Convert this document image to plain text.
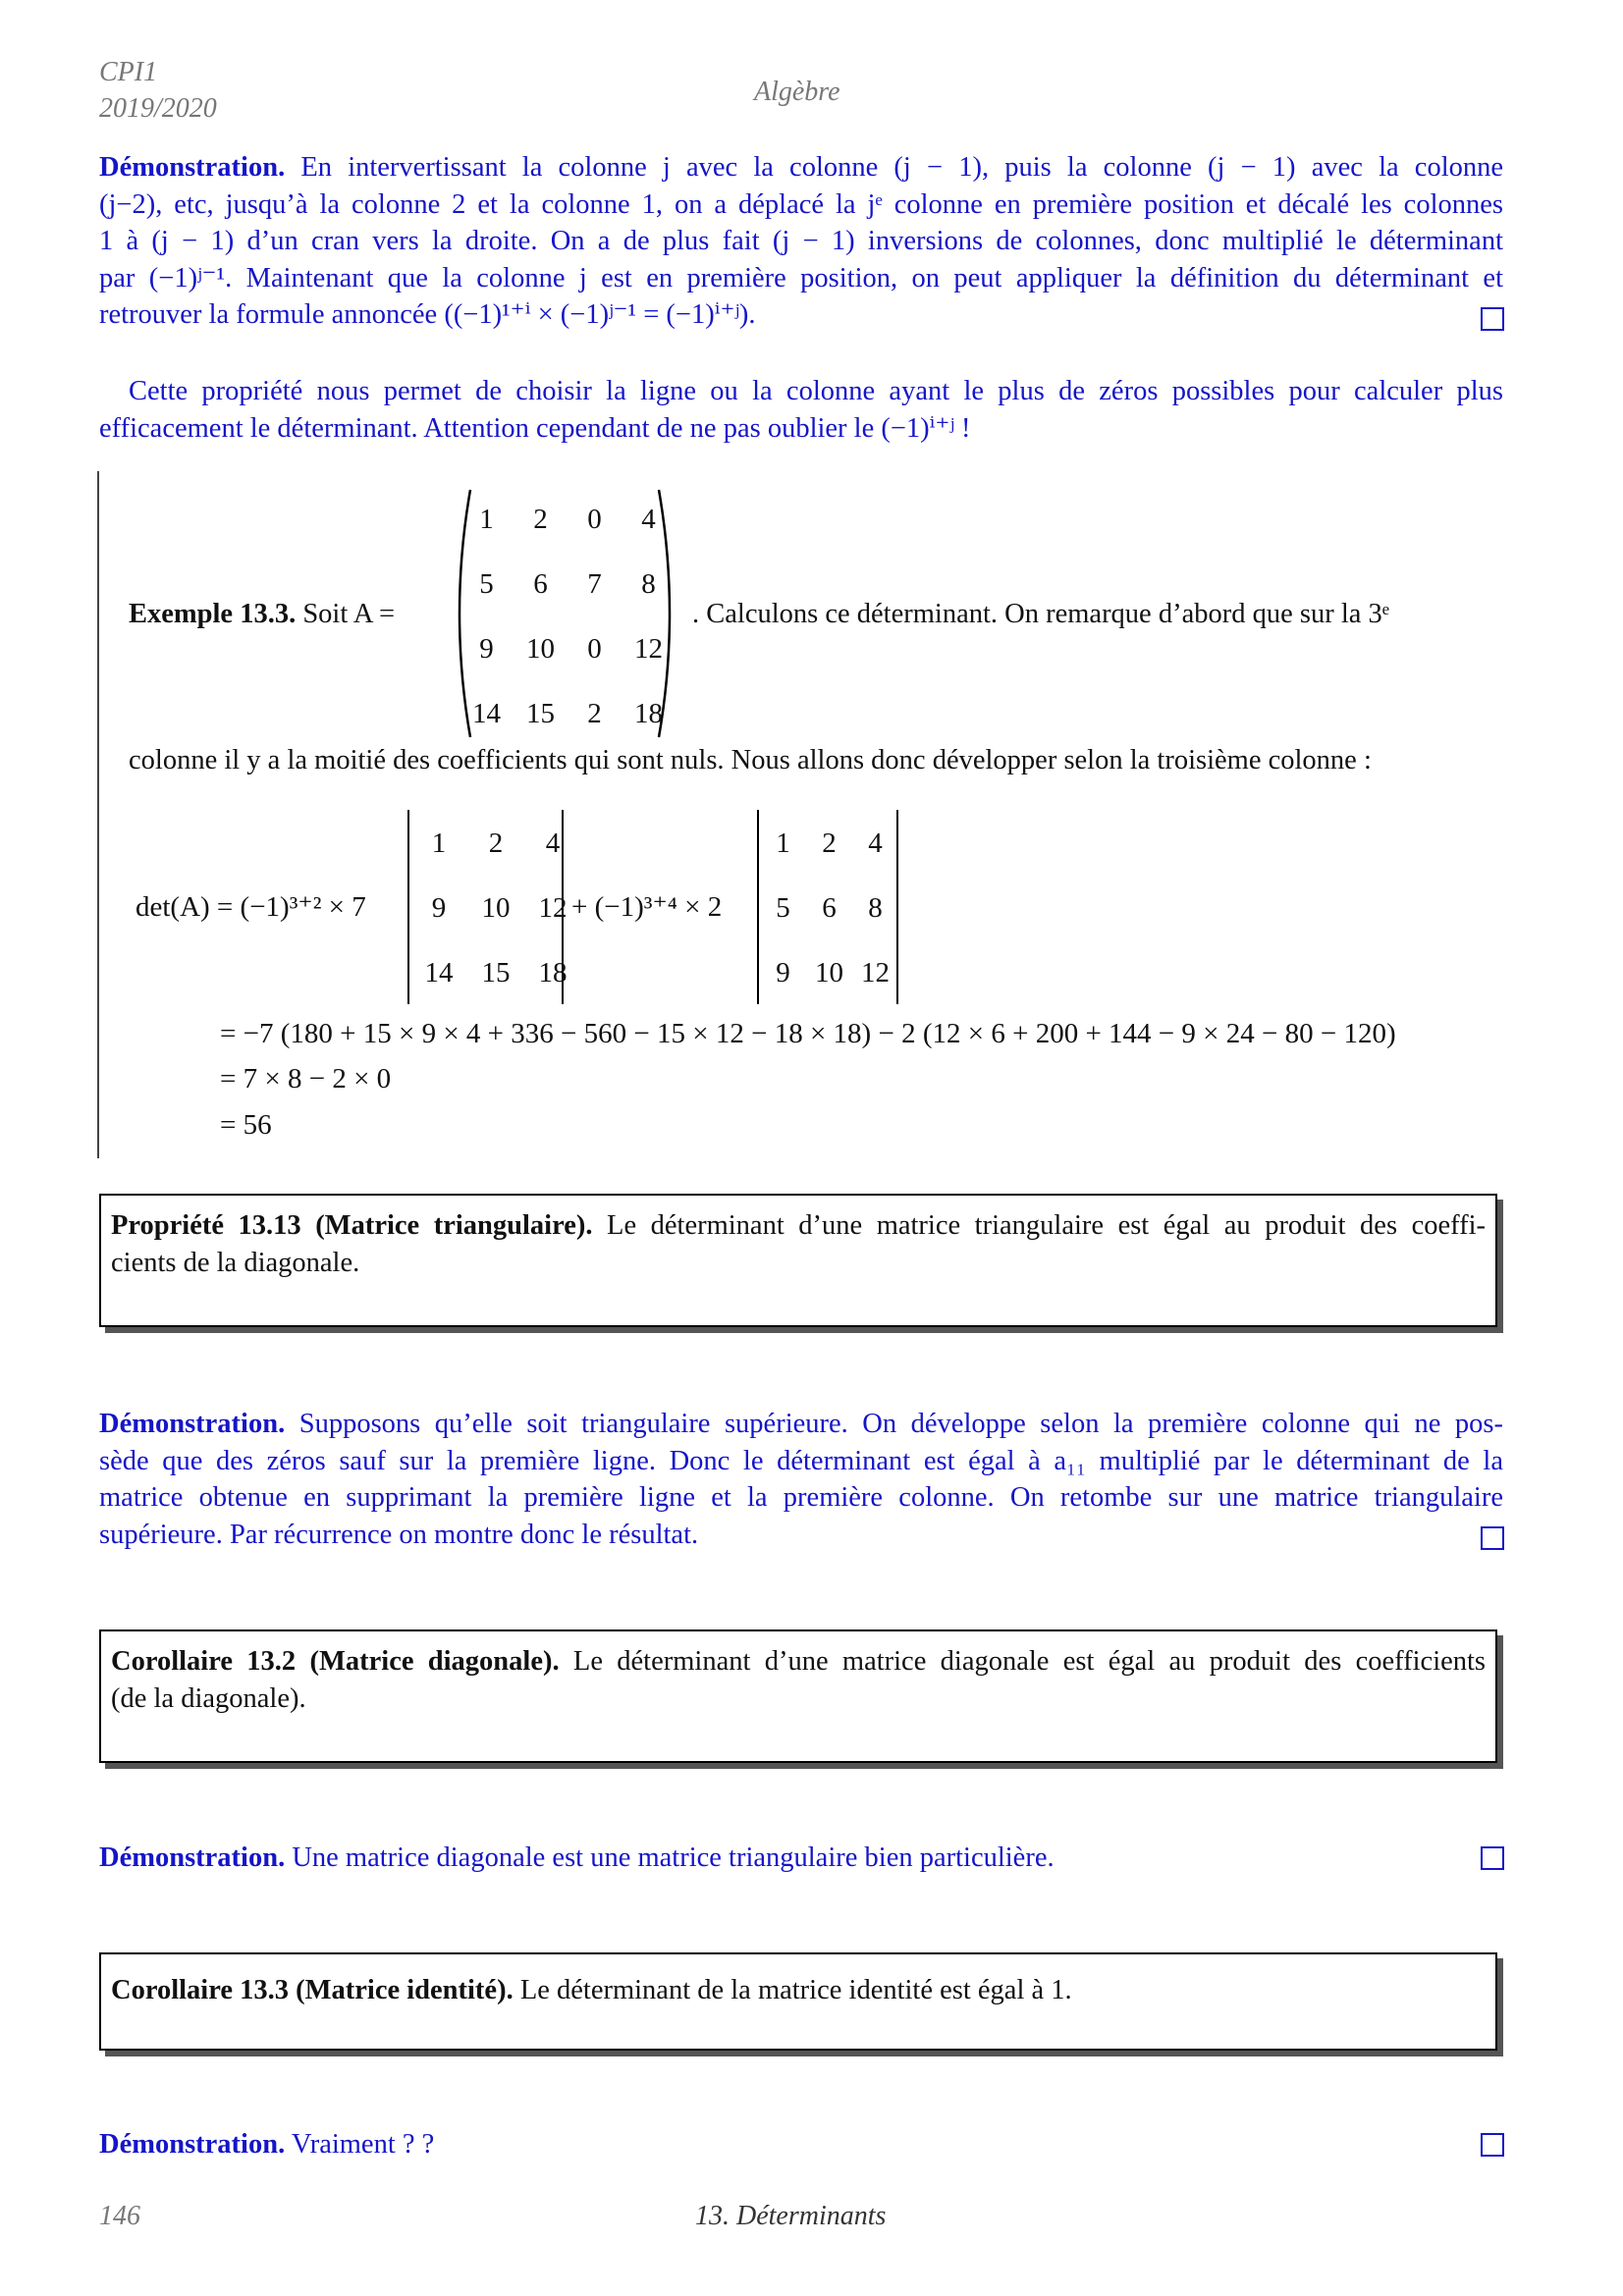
CPI1
2019/2020
Algèbre
Démonstration. En intervertissant la colonne j avec la colonne (j − 1), puis la colonne (j − 1) avec la colonne
(j−2), etc, jusqu’à la colonne 2 et la colonne 1, on a déplacé la jᵉ colonne en première position et décalé les colonnes
1 à (j − 1) d’un cran vers la droite. On a de plus fait (j − 1) inversions de colonnes, donc multiplié le déterminant
par (−1)ʲ⁻¹. Maintenant que la colonne j est en première position, on peut appliquer la définition du déterminant et
retrouver la formule annoncée ((−1)¹⁺ⁱ × (−1)ʲ⁻¹ = (−1)ⁱ⁺ʲ).
Cette propriété nous permet de choisir la ligne ou la colonne ayant le plus de zéros possibles pour calculer plus
efficacement le déterminant. Attention cependant de ne pas oublier le (−1)ⁱ⁺ʲ !
Exemple 13.3. Soit A =
1	2	0	4
5	6	7	8
9	10	0	12
14 15	2	18
. Calculons ce déterminant. On remarque d’abord que sur la 3ᵉ
colonne il y a la moitié des coefficients qui sont nuls. Nous allons donc développer selon la troisième colonne :
det(A) = (−1)³⁺² × 7
1	2	4
9	10	12
14	15	18
+ (−1)³⁺⁴ × 2
1	2	4
5	6	8
9 10 12
= −7 (180 + 15 × 9 × 4 + 336 − 560 − 15 × 12 − 18 × 18) − 2 (12 × 6 + 200 + 144 − 9 × 24 − 80 − 120)
= 7 × 8 − 2 × 0
= 56
Propriété 13.13 (Matrice triangulaire). Le déterminant d’une matrice triangulaire est égal au produit des coeffi-
cients de la diagonale.
Démonstration. Supposons qu’elle soit triangulaire supérieure. On développe selon la première colonne qui ne pos-
sède que des zéros sauf sur la première ligne. Donc le déterminant est égal à a₁₁ multiplié par le déterminant de la
matrice obtenue en supprimant la première ligne et la première colonne. On retombe sur une matrice triangulaire
supérieure. Par récurrence on montre donc le résultat.
Corollaire 13.2 (Matrice diagonale). Le déterminant d’une matrice diagonale est égal au produit des coefficients
(de la diagonale).
Démonstration. Une matrice diagonale est une matrice triangulaire bien particulière.
Corollaire 13.3 (Matrice identité). Le déterminant de la matrice identité est égal à 1.
Démonstration. Vraiment ? ?
146	13. Déterminants
